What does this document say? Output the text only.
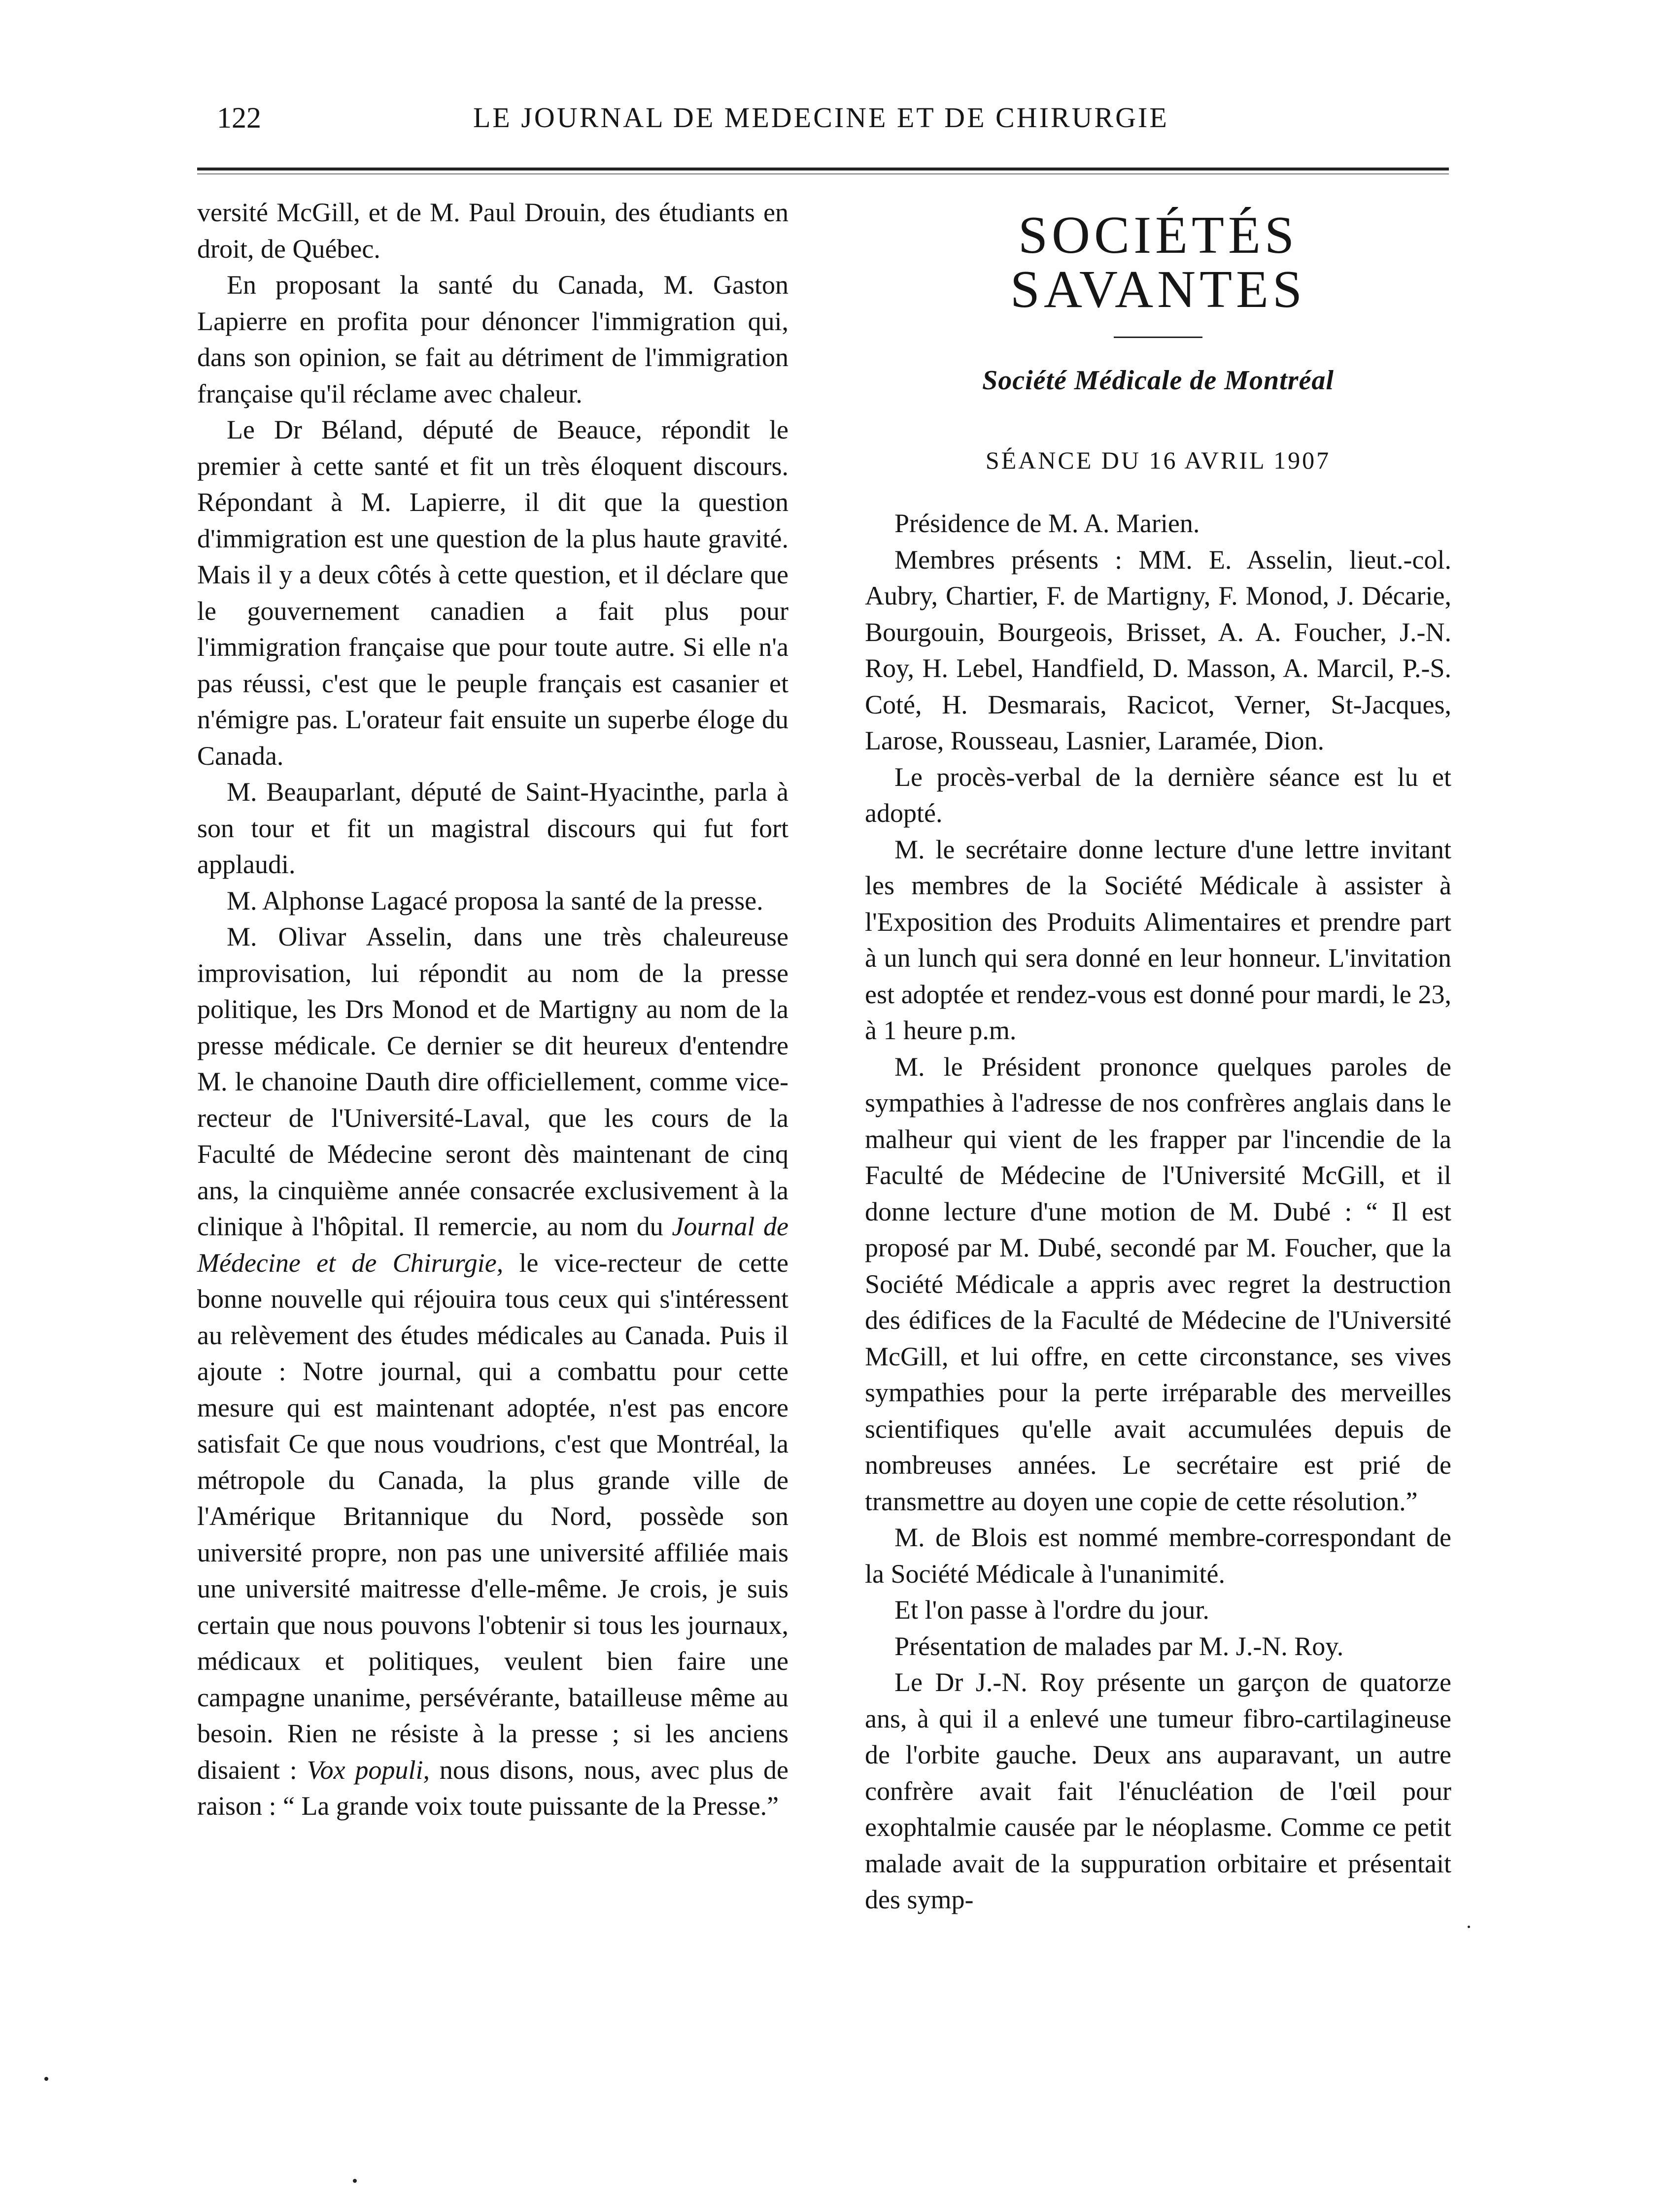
122	LE JOURNAL DE MEDECINE ET DE CHIRURGIE

versité McGill, et de M. Paul Drouin, des étudiants en droit, de Québec.

En proposant la santé du Canada, M. Gaston Lapierre en profita pour dénoncer l'immigration qui, dans son opinion, se fait au détriment de l'immigration française qu'il réclame avec chaleur.

Le Dr Béland, député de Beauce, répondit le premier à cette santé et fit un très éloquent discours. Répondant à M. Lapierre, il dit que la question d'immigration est une question de la plus haute gravité. Mais il y a deux côtés à cette question, et il déclare que le gouvernement canadien a fait plus pour l'immigration française que pour toute autre. Si elle n'a pas réussi, c'est que le peuple français est casanier et n'émigre pas. L'orateur fait ensuite un superbe éloge du Canada.

M. Beauparlant, député de Saint-Hyacinthe, parla à son tour et fit un magistral discours qui fut fort applaudi.

M. Alphonse Lagacé proposa la santé de la presse.

M. Olivar Asselin, dans une très chaleureuse improvisation, lui répondit au nom de la presse politique, les Drs Monod et de Martigny au nom de la presse médicale. Ce dernier se dit heureux d'entendre M. le chanoine Dauth dire officiellement, comme vice-recteur de l'Université-Laval, que les cours de la Faculté de Médecine seront dès maintenant de cinq ans, la cinquième année consacrée exclusivement à la clinique à l'hôpital. Il remercie, au nom du Journal de Médecine et de Chirurgie, le vice-recteur de cette bonne nouvelle qui réjouira tous ceux qui s'intéressent au relèvement des études médicales au Canada. Puis il ajoute : Notre journal, qui a combattu pour cette mesure qui est maintenant adoptée, n'est pas encore satisfait Ce que nous voudrions, c'est que Montréal, la métropole du Canada, la plus grande ville de l'Amérique Britannique du Nord, possède son université propre, non pas une université affiliée mais une université maitresse d'elle-même. Je crois, je suis certain que nous pouvons l'obtenir si tous les journaux, médicaux et politiques, veulent bien faire une campagne unanime, persévérante, batailleuse même au besoin. Rien ne résiste à la presse ; si les anciens disaient : Vox populi, nous disons, nous, avec plus de raison : “ La grande voix toute puissante de la Presse.”

SOCIÉTÉS SAVANTES
Société Médicale de Montréal
SÉANCE DU 16 AVRIL 1907

Présidence de M. A. Marien.

Membres présents : MM. E. Asselin, lieut.-col. Aubry, Chartier, F. de Martigny, F. Monod, J. Décarie, Bourgouin, Bourgeois, Brisset, A. A. Foucher, J.-N. Roy, H. Lebel, Handfield, D. Masson, A. Marcil, P.-S. Coté, H. Desmarais, Racicot, Verner, St-Jacques, Larose, Rousseau, Lasnier, Laramée, Dion.

Le procès-verbal de la dernière séance est lu et adopté.

M. le secrétaire donne lecture d'une lettre invitant les membres de la Société Médicale à assister à l'Exposition des Produits Alimentaires et prendre part à un lunch qui sera donné en leur honneur. L'invitation est adoptée et rendez-vous est donné pour mardi, le 23, à 1 heure p.m.

M. le Président prononce quelques paroles de sympathies à l'adresse de nos confrères anglais dans le malheur qui vient de les frapper par l'incendie de la Faculté de Médecine de l'Université McGill, et il donne lecture d'une motion de M. Dubé : “ Il est proposé par M. Dubé, secondé par M. Foucher, que la Société Médicale a appris avec regret la destruction des édifices de la Faculté de Médecine de l'Université McGill, et lui offre, en cette circonstance, ses vives sympathies pour la perte irréparable des merveilles scientifiques qu'elle avait accumulées depuis de nombreuses années. Le secrétaire est prié de transmettre au doyen une copie de cette résolution.”

M. de Blois est nommé membre-correspondant de la Société Médicale à l'unanimité.

Et l'on passe à l'ordre du jour.

Présentation de malades par M. J.-N. Roy.

Le Dr J.-N. Roy présente un garçon de quatorze ans, à qui il a enlevé une tumeur fibro-cartilagineuse de l'orbite gauche. Deux ans auparavant, un autre confrère avait fait l'énucléation de l'œil pour exophtalmie causée par le néoplasme. Comme ce petit malade avait de la suppuration orbitaire et présentait des symp-
